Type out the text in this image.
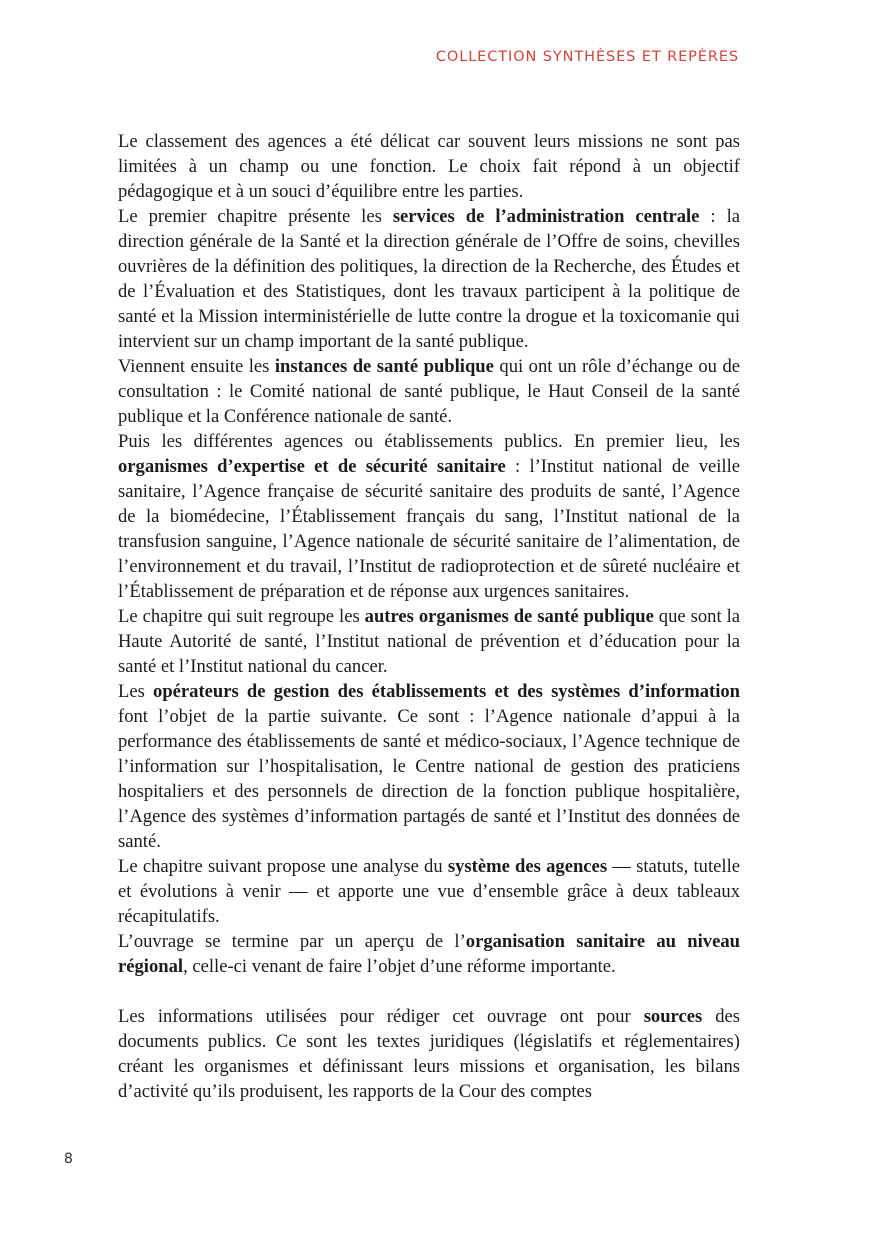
COLLECTION SYNTHÈSES ET REPÈRES

Le classement des agences a été délicat car souvent leurs missions ne sont pas limitées à un champ ou une fonction. Le choix fait répond à un objectif pédagogique et à un souci d’équilibre entre les parties.

Le premier chapitre présente les services de l’administration centrale : la direction générale de la Santé et la direction générale de l’Offre de soins, chevilles ouvrières de la définition des politiques, la direction de la Recherche, des Études et de l’Évaluation et des Statistiques, dont les travaux participent à la politique de santé et la Mission interministérielle de lutte contre la drogue et la toxicomanie qui intervient sur un champ important de la santé publique.

Viennent ensuite les instances de santé publique qui ont un rôle d’échange ou de consultation : le Comité national de santé publique, le Haut Conseil de la santé publique et la Conférence nationale de santé.

Puis les différentes agences ou établissements publics. En premier lieu, les organismes d’expertise et de sécurité sanitaire : l’Institut national de veille sanitaire, l’Agence française de sécurité sanitaire des produits de santé, l’Agence de la biomédecine, l’Établissement français du sang, l’Institut national de la transfusion sanguine, l’Agence nationale de sécurité sanitaire de l’alimentation, de l’environnement et du travail, l’Institut de radioprotection et de sûreté nucléaire et l’Établissement de préparation et de réponse aux urgences sanitaires.

Le chapitre qui suit regroupe les autres organismes de santé publique que sont la Haute Autorité de santé, l’Institut national de prévention et d’éducation pour la santé et l’Institut national du cancer.

Les opérateurs de gestion des établissements et des systèmes d’information font l’objet de la partie suivante. Ce sont : l’Agence nationale d’appui à la performance des établissements de santé et médico-sociaux, l’Agence technique de l’information sur l’hospitalisation, le Centre national de gestion des praticiens hospitaliers et des personnels de direction de la fonction publique hospitalière, l’Agence des systèmes d’information partagés de santé et l’Institut des données de santé.

Le chapitre suivant propose une analyse du système des agences — statuts, tutelle et évolutions à venir — et apporte une vue d’ensemble grâce à deux tableaux récapitulatifs.

L’ouvrage se termine par un aperçu de l’organisation sanitaire au niveau régional, celle-ci venant de faire l’objet d’une réforme importante.

Les informations utilisées pour rédiger cet ouvrage ont pour sources des documents publics. Ce sont les textes juridiques (législatifs et réglementaires) créant les organismes et définissant leurs missions et organisation, les bilans d’activité qu’ils produisent, les rapports de la Cour des comptes

8
